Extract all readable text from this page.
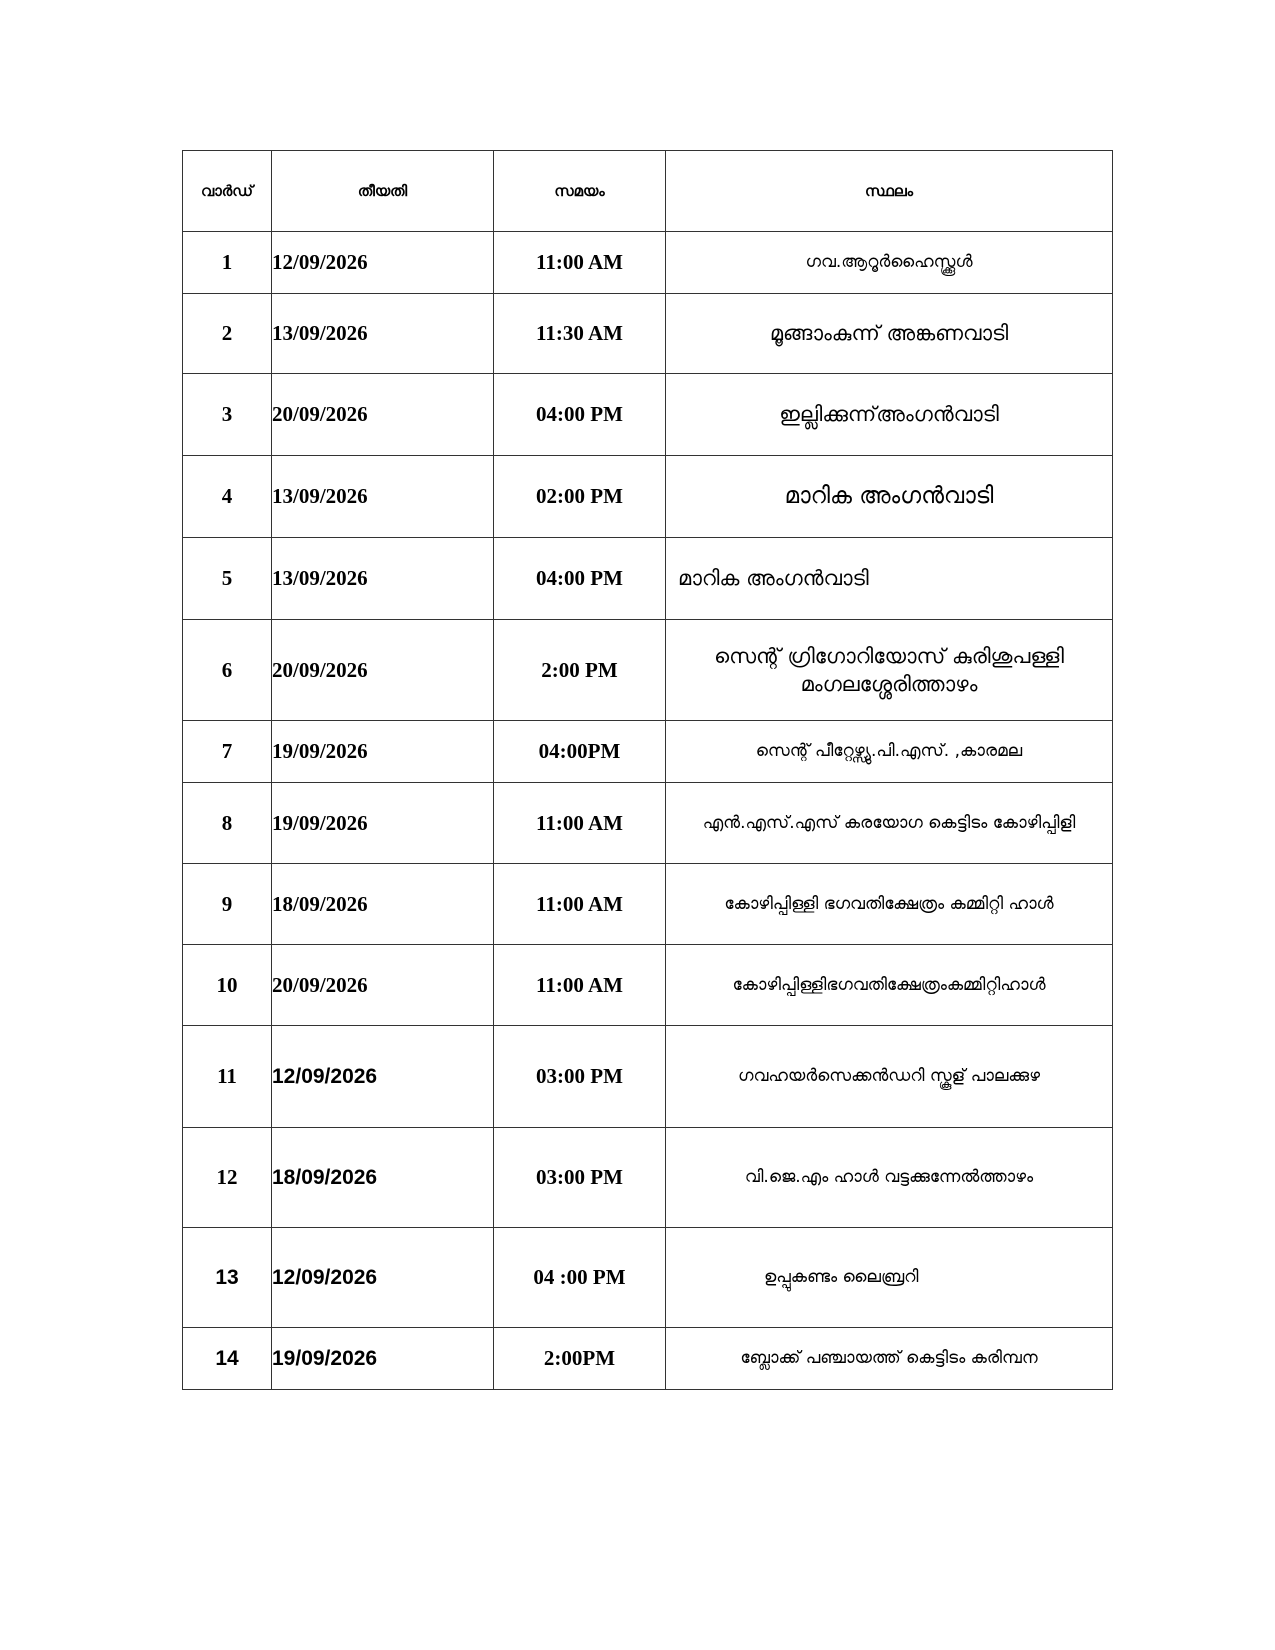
വാർഡ്	തീയതി	സമയം	സ്ഥലം
1	12/09/2026	11:00 AM	ഗവ.ആറൂർഹൈസ്ക്കൂൾ
2	13/09/2026	11:30 AM	മൂങ്ങാംകുന്ന് അങ്കണവാടി
3	20/09/2026	04:00 PM	ഇല്ലിക്കുന്ന്അംഗൻവാടി
4	13/09/2026	02:00 PM	മാറിക അംഗൻവാടി
5	13/09/2026	04:00 PM	മാറിക അംഗൻവാടി
6	20/09/2026	2:00 PM	സെന്റ് ഗ്രിഗോറിയോസ് കുരിശുപള്ളി
മംഗലശ്ശേരിത്താഴം

7	19/09/2026	04:00PM	സെന്റ് പീറ്റേഴ്സ്യു.പി.എസ്. ,കാരമല
8	19/09/2026	11:00 AM	എൻ.എസ്.എസ് കരയോഗ കെട്ടിടം കോഴിപ്പിളി
9	18/09/2026	11:00 AM	കോഴിപ്പിള്ളി ഭഗവതിക്ഷേത്രം കമ്മിറ്റി ഹാൾ
10	20/09/2026	11:00 AM	കോഴിപ്പിള്ളിഭഗവതിക്ഷേത്രംകമ്മിറ്റിഹാൾ
11	12/09/2026	03:00 PM	ഗവഹയർസെക്കൻഡറി സ്കൂള് പാലക്കുഴ
12	18/09/2026	03:00 PM	വി.ജെ.എം ഹാൾ വട്ടക്കുന്നേൽത്താഴം
13	12/09/2026	04 :00 PM	ഉപ്പുകണ്ടം ലൈബ്രറി
14	19/09/2026	2:00PM	ബ്ലോക്ക് പഞ്ചായത്ത് കെട്ടിടം കരിമ്പന
